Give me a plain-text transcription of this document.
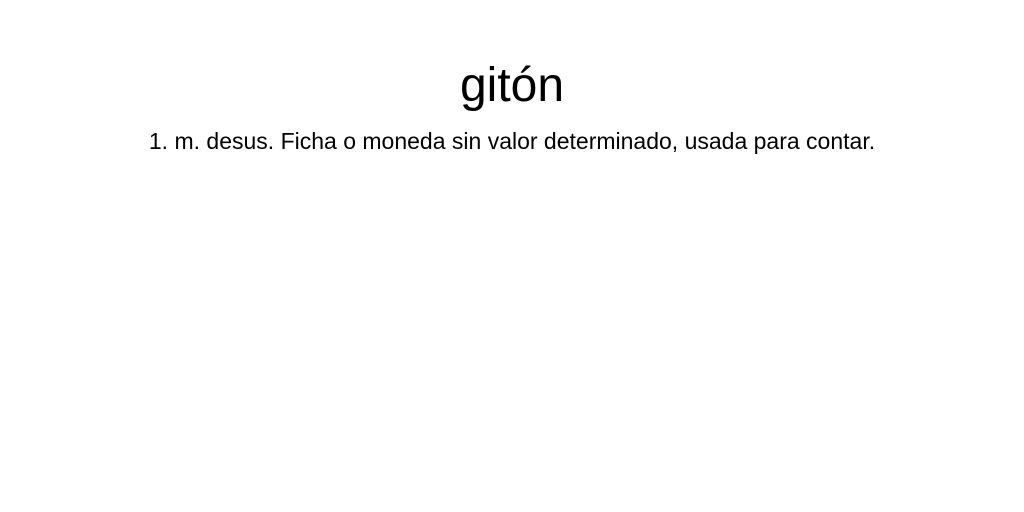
gitón

1. m. desus. Ficha o moneda sin valor determinado, usada para contar.
